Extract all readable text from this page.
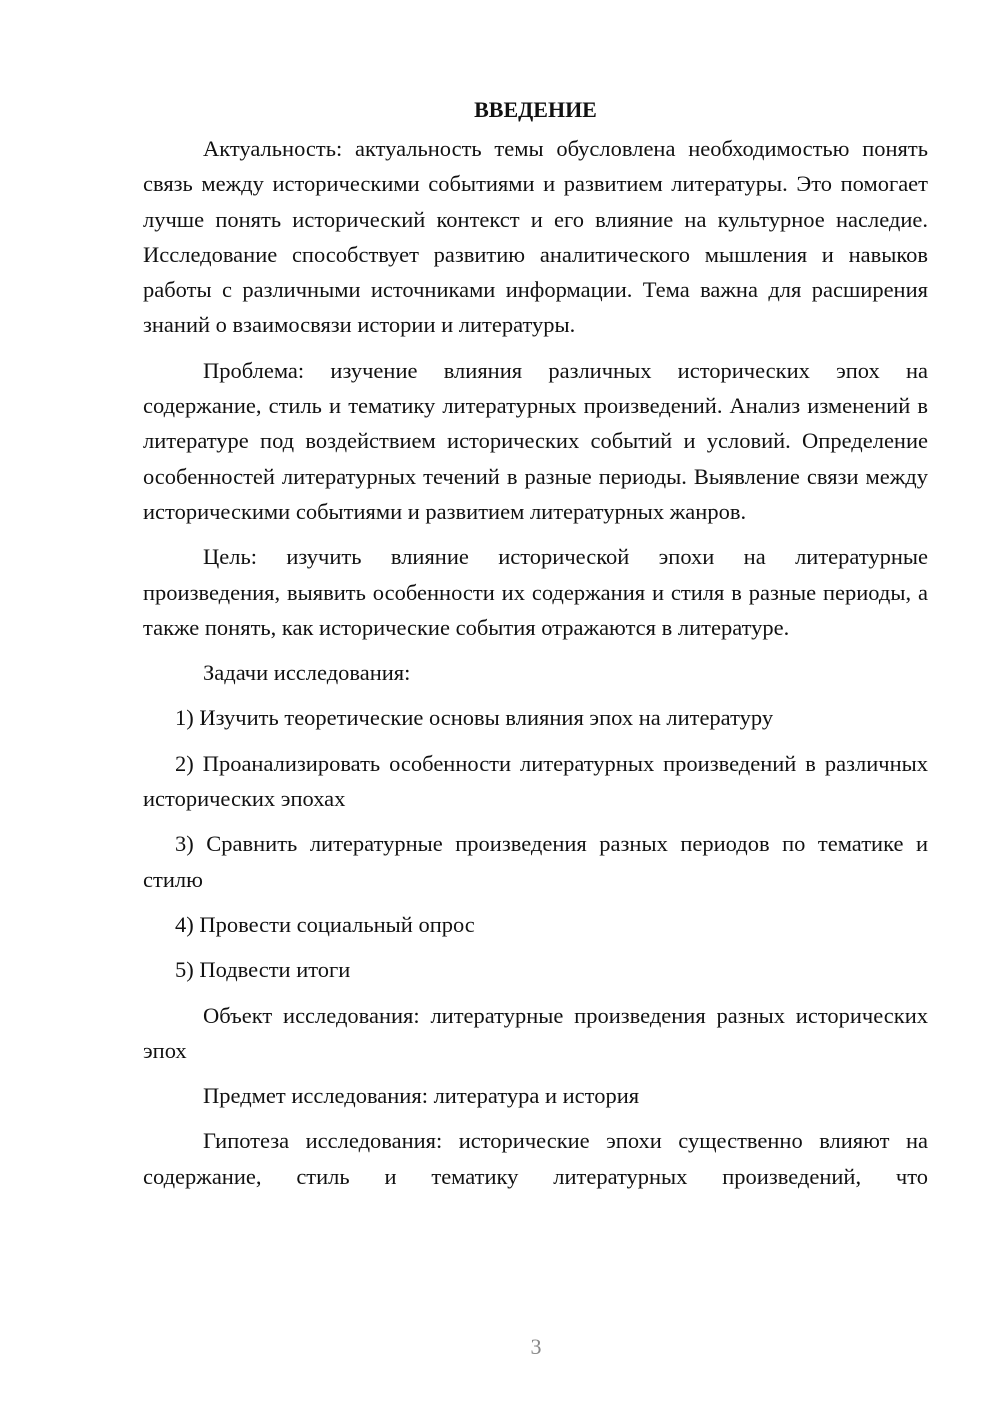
ВВЕДЕНИЕ

Актуальность: актуальность темы обусловлена необходимостью понять связь между историческими событиями и развитием литературы. Это помогает лучше понять исторический контекст и его влияние на культурное наследие. Исследование способствует развитию аналитического мышления и навыков работы с различными источниками информации. Тема важна для расширения знаний о взаимосвязи истории и литературы.

Проблема: изучение влияния различных исторических эпох на содержание, стиль и тематику литературных произведений. Анализ изменений в литературе под воздействием исторических событий и условий. Определение особенностей литературных течений в разные периоды. Выявление связи между историческими событиями и развитием литературных жанров.

Цель: изучить влияние исторической эпохи на литературные произведения, выявить особенности их содержания и стиля в разные периоды, а также понять, как исторические события отражаются в литературе.

Задачи исследования:

1) Изучить теоретические основы влияния эпох на литературу

2) Проанализировать особенности литературных произведений в различных исторических эпохах

3) Сравнить литературные произведения разных периодов по тематике и стилю

4) Провести социальный опрос

5) Подвести итоги

Объект исследования: литературные произведения разных исторических эпох

Предмет исследования: литература и история

Гипотеза исследования: исторические эпохи существенно влияют на содержание, стиль и тематику литературных произведений, что

3
